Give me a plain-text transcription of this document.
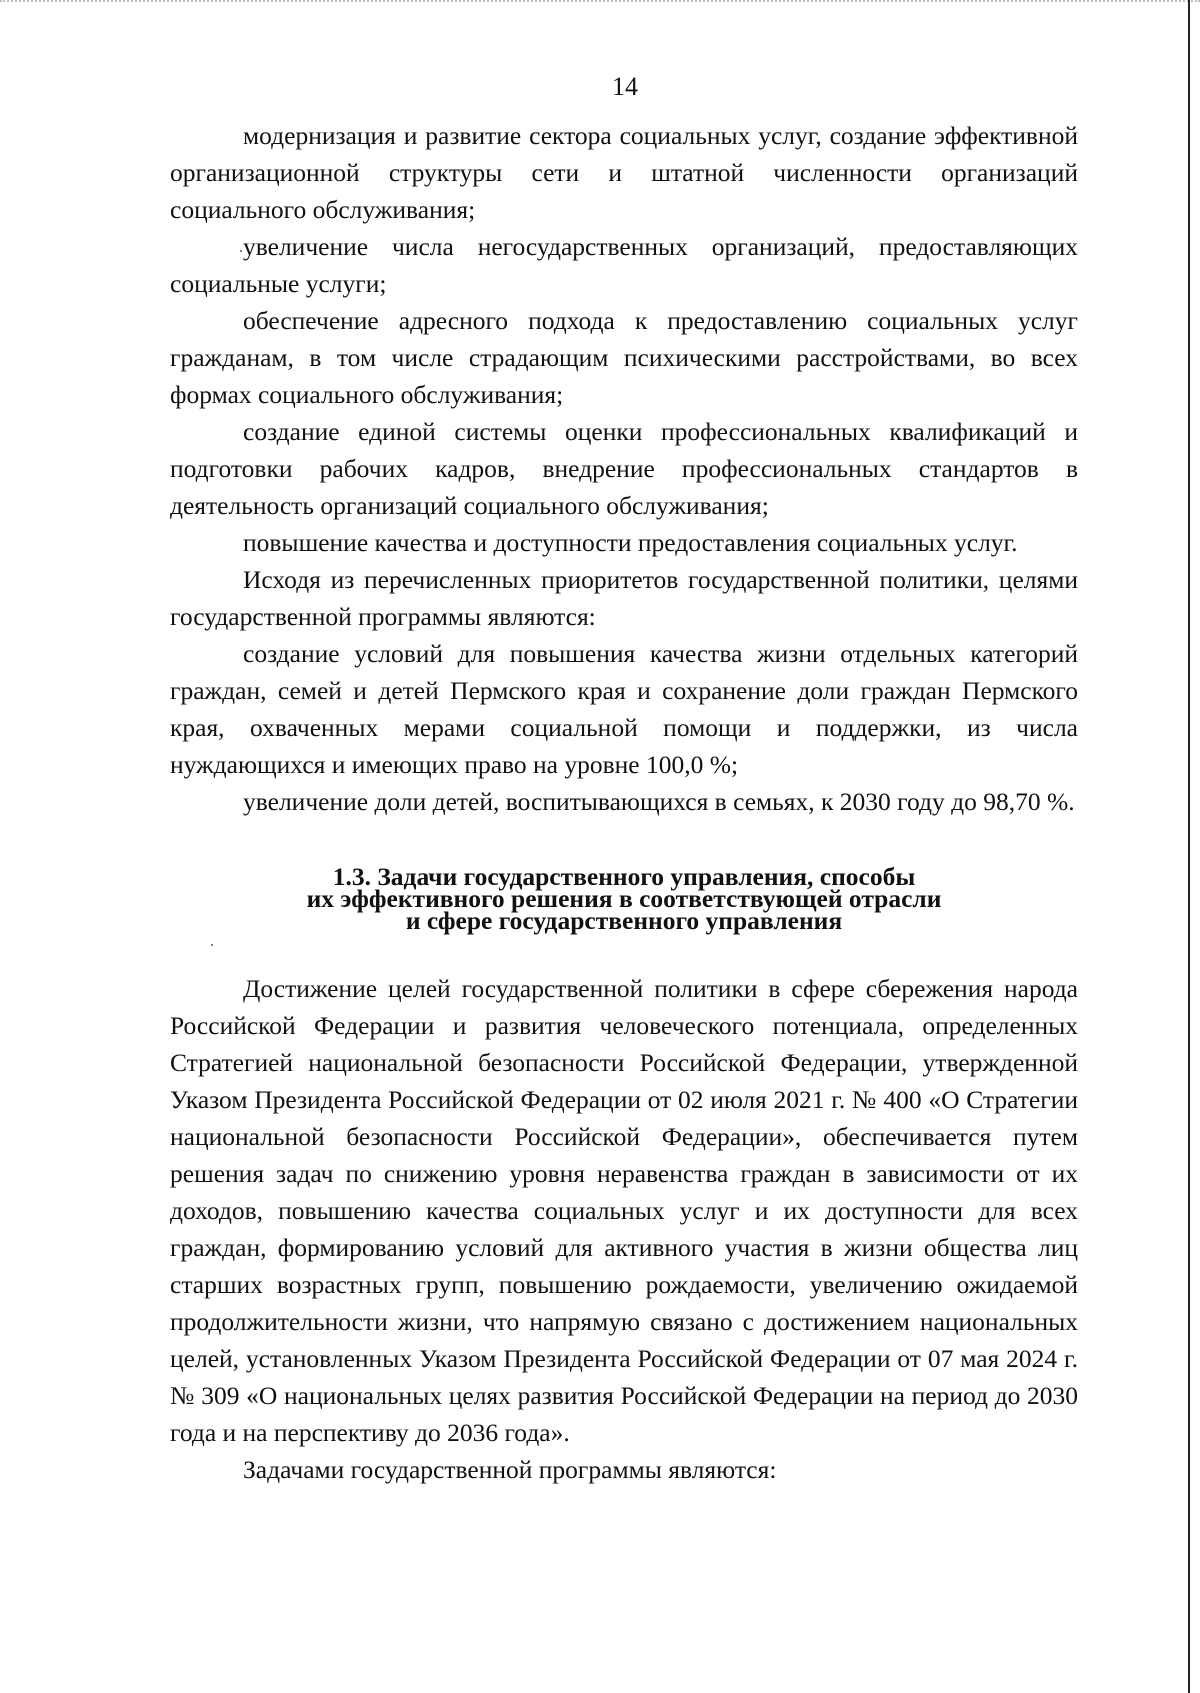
14

модернизация и развитие сектора социальных услуг, создание эффективной организационной структуры сети и штатной численности организаций социального обслуживания;

увеличение числа негосударственных организаций, предоставляющих социальные услуги;

обеспечение адресного подхода к предоставлению социальных услуг гражданам, в том числе страдающим психическими расстройствами, во всех формах социального обслуживания;

создание единой системы оценки профессиональных квалификаций и подготовки рабочих кадров, внедрение профессиональных стандартов в деятельность организаций социального обслуживания;

повышение качества и доступности предоставления социальных услуг.

Исходя из перечисленных приоритетов государственной политики, целями государственной программы являются:

создание условий для повышения качества жизни отдельных категорий граждан, семей и детей Пермского края и сохранение доли граждан Пермского края, охваченных мерами социальной помощи и поддержки, из числа нуждающихся и имеющих право на уровне 100,0 %;

увеличение доли детей, воспитывающихся в семьях, к 2030 году до 98,70 %.

1.3. Задачи государственного управления, способы
их эффективного решения в соответствующей отрасли
и сфере государственного управления

Достижение целей государственной политики в сфере сбережения народа Российской Федерации и развития человеческого потенциала, определенных Стратегией национальной безопасности Российской Федерации, утвержденной Указом Президента Российской Федерации от 02 июля 2021 г. № 400 «О Стратегии национальной безопасности Российской Федерации», обеспечивается путем решения задач по снижению уровня неравенства граждан в зависимости от их доходов, повышению качества социальных услуг и их доступности для всех граждан, формированию условий для активного участия в жизни общества лиц старших возрастных групп, повышению рождаемости, увеличению ожидаемой продолжительности жизни, что напрямую связано с достижением национальных целей, установленных Указом Президента Российской Федерации от 07 мая 2024 г. № 309 «О национальных целях развития Российской Федерации на период до 2030 года и на перспективу до 2036 года».

Задачами государственной программы являются:
